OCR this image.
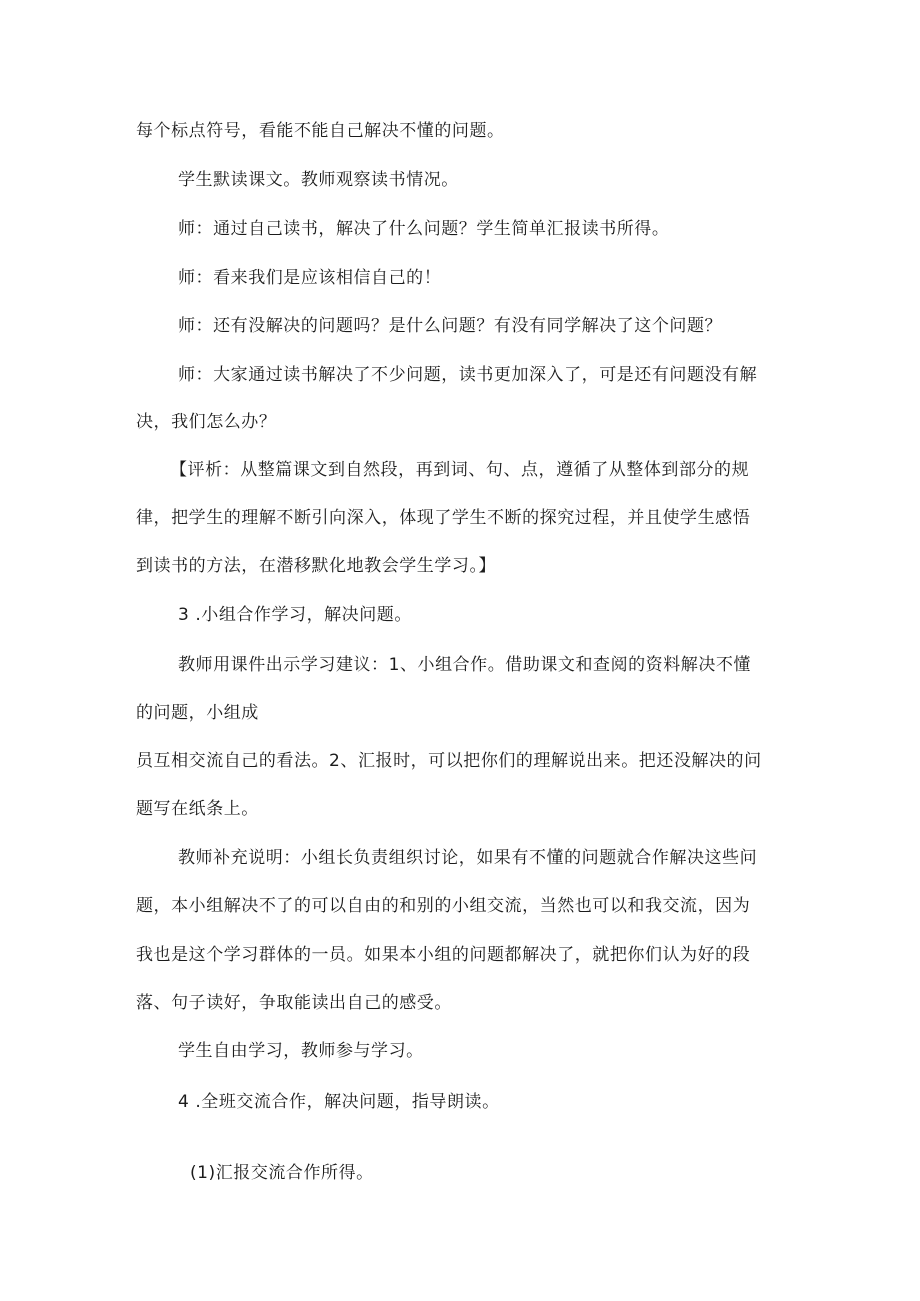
每个标点符号，看能不能自己解决不懂的问题。
学生默读课文。教师观察读书情况。
师：通过自己读书，解决了什么问题？学生简单汇报读书所得。
师：看来我们是应该相信自己的！
师：还有没解决的问题吗？是什么问题？有没有同学解决了这个问题？
师：大家通过读书解决了不少问题，读书更加深入了，可是还有问题没有解
决，我们怎么办？
【评析：从整篇课文到自然段，再到词、句、点，遵循了从整体到部分的规
律，把学生的理解不断引向深入，体现了学生不断的探究过程，并且使学生感悟
到读书的方法，在潜移默化地教会学生学习。】
3 .小组合作学习，解决问题。
教师用课件出示学习建议：1、小组合作。借助课文和查阅的资料解决不懂
的问题，小组成
员互相交流自己的看法。2、汇报时，可以把你们的理解说出来。把还没解决的问
题写在纸条上。
教师补充说明：小组长负责组织讨论，如果有不懂的问题就合作解决这些问
题，本小组解决不了的可以自由的和别的小组交流，当然也可以和我交流，因为
我也是这个学习群体的一员。如果本小组的问题都解决了，就把你们认为好的段
落、句子读好，争取能读出自己的感受。
学生自由学习，教师参与学习。
4 .全班交流合作，解决问题，指导朗读。
(1)汇报交流合作所得。
